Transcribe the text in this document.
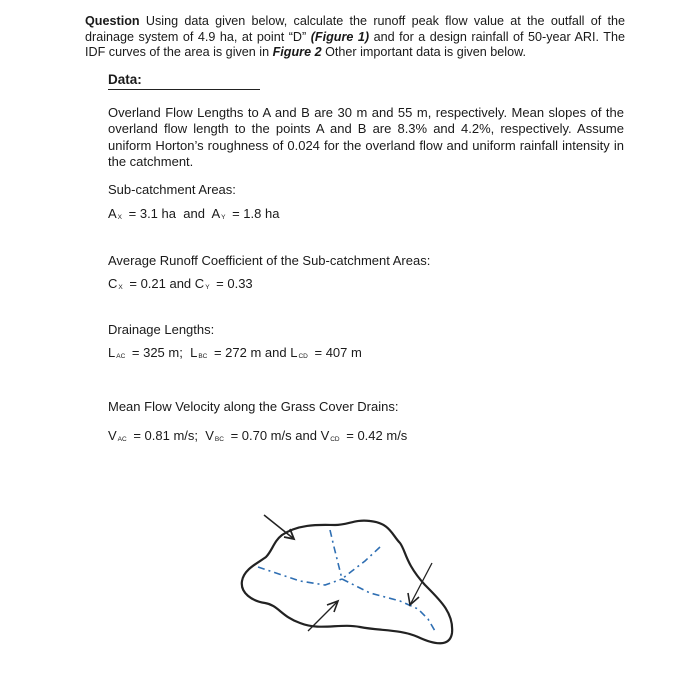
Question Using data given below, calculate the runoff peak flow value at the outfall of the drainage system of 4.9 ha, at point “D” (Figure 1) and for a design rainfall of 50-year ARI. The IDF curves of the area is given in Figure 2 Other important data is given below.
Data:
Overland Flow Lengths to A and B are 30 m and 55 m, respectively. Mean slopes of the overland flow length to the points A and B are 8.3% and 4.2%, respectively. Assume uniform Horton’s roughness of 0.024 for the overland flow and uniform rainfall intensity in the catchment.
Sub-catchment Areas:
$A_X = 3.1$ ha and $A_Y = 1.8$ ha
Average Runoff Coefficient of the Sub-catchment Areas:
$C_X = 0.21$ and $C_Y = 0.33$
Drainage Lengths:
$L_{AC} = 325$ m; $L_{BC} = 272$ m and $L_{CD} = 407$ m
Mean Flow Velocity along the Grass Cover Drains:
$V_{AC} = 0.81$ m/s; $V_{BC} = 0.70$ m/s and $V_{CD} = 0.42$ m/s
